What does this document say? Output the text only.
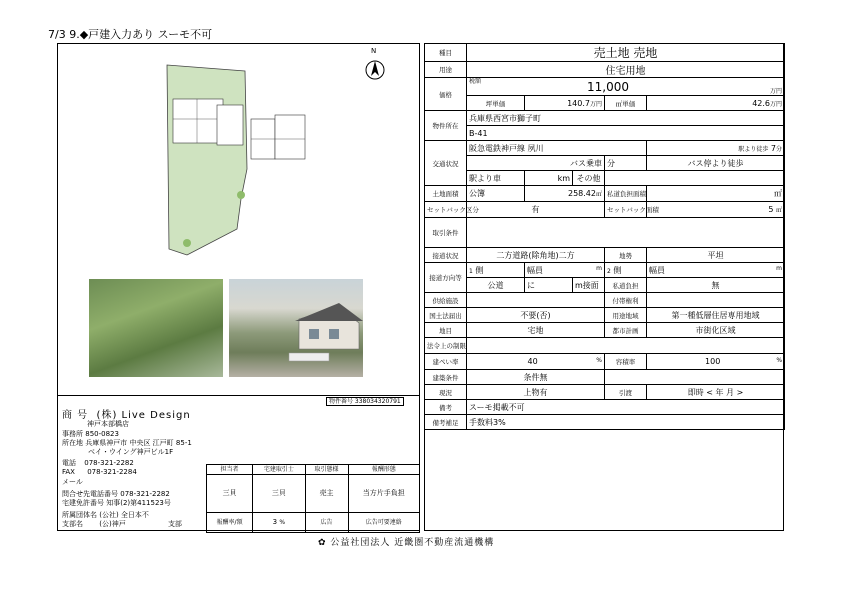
7/3 9.◆戸建入力あり スーモ不可
N
物件番号 338034320791
商 号 (株) Live Design
神戸本部橋店
事務所 850-0823
所在地 兵庫県神戸市 中央区 江戸町 85-1
ベイ・ウイング神戸ビル1F
電話 078-321-2282
FAX 078-321-2284
メール
問合せ先電話番号 078-321-2282
宅建免許番号 知事(2)第411523号
所属団体名 (公社) 全日本不
支部名 (公)神戸	支部
担当者	宅建取引士	取引態様	報酬形態
三貝	三貝	売主	当方片手負担
報酬率/額	3 %	広告	広告可要連絡
種目	売土地 売地				
用途	住宅用地				
価格	税額 11,000 万円				

	坪単価	140.7万円		㎡単価	42.6万円
物件所在	兵庫県西宮市獅子町				
	B-41				
交通状況	阪急電鉄神戸線 夙川				駅より徒歩 7分
	バス乗車			分	バス停より徒歩
	駅より車	km	その他		
土地面積	公簿	258.42㎡		私道負担面積	㎡
セットバック区分	有			セットバック面積	5 ㎡
取引条件					
接道状況	二方道路(除角地)二方			地勢	平坦
接道方向等	1 側	幅員 m		2 側	幅員 m

	公道	に	m接面	私道負担	無
供給施設				付帯権利	
国土法届出	不要(否)			用途地域	第一種低層住居専用地域
地目	宅地			都市計画	市街化区域
法令上の制限					
建ぺい率	40 %			容積率	100 %

建築条件	条件無				
現況	上物有			引渡	即時 < 年 月 >
備考	スーモ掲載不可				
備考補足	手数料3%				

✿ 公益社団法人 近畿圏不動産流通機構
